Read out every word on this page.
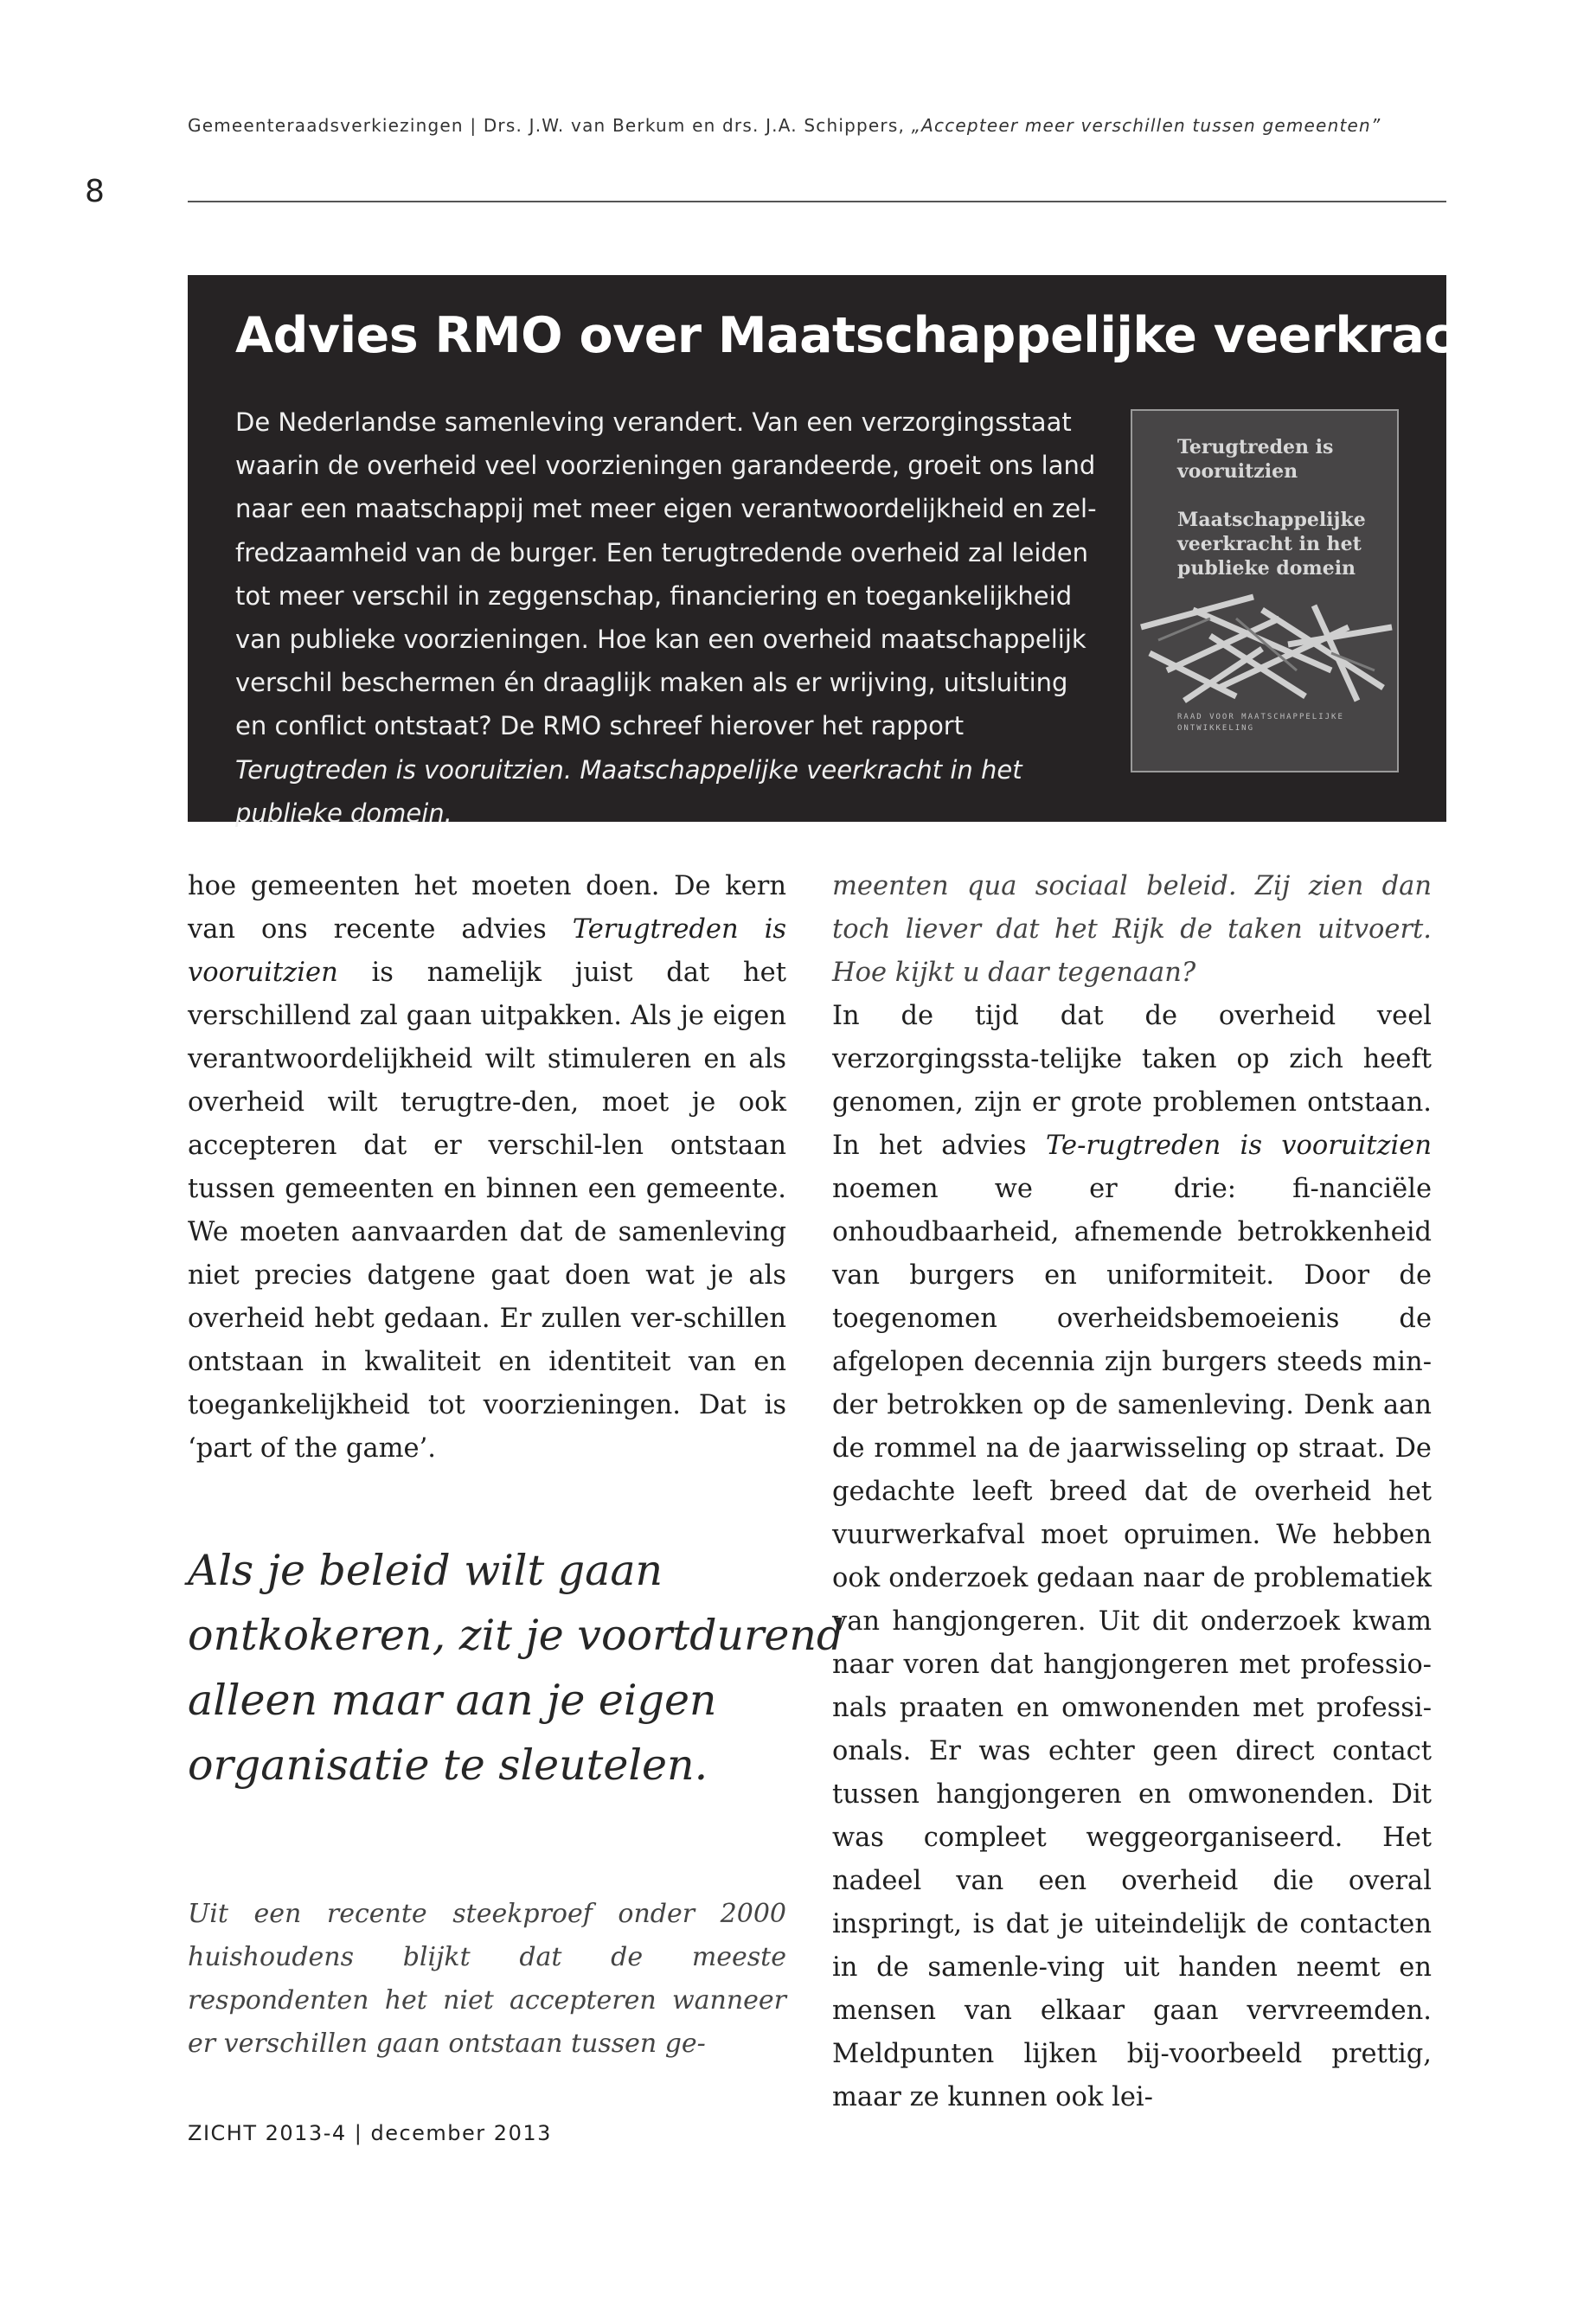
Gemeenteraadsverkiezingen | Drs. J.W. van Berkum en drs. J.A. Schippers, „Accepteer meer verschillen tussen gemeenten”
8
Advies RMO over Maatschappelijke veerkracht

De Nederlandse samenleving verandert. Van een verzorgingsstaat waarin de overheid veel voorzieningen garandeerde, groeit ons land naar een maatschappij met meer eigen verantwoordelijkheid en zel-fredzaamheid van de burger. Een terugtredende overheid zal leiden tot meer verschil in zeggenschap, financiering en toegankelijkheid van publieke voorzieningen. Hoe kan een overheid maatschappelijk verschil beschermen én draaglijk maken als er wrijving, uitsluiting en conflict ontstaat? De RMO schreef hierover het rapport Terugtreden is vooruitzien. Maatschappelijke veerkracht in het publieke domein.

Terugtreden is vooruitzien
Maatschappelijke veerkracht in het publieke domein
RAAD VOOR MAATSCHAPPELIJKE ONTWIKKELING

hoe gemeenten het moeten doen. De kern van ons recente advies Terugtreden is vooruitzien is namelijk juist dat het verschillend zal gaan uitpakken. Als je eigen verantwoordelijkheid wilt stimuleren en als overheid wilt terugtre-den, moet je ook accepteren dat er verschil-len ontstaan tussen gemeenten en binnen een gemeente. We moeten aanvaarden dat de samenleving niet precies datgene gaat doen wat je als overheid hebt gedaan. Er zullen ver-schillen ontstaan in kwaliteit en identiteit van en toegankelijkheid tot voorzieningen. Dat is ‘part of the game’.

Als je beleid wilt gaan
ontkokeren, zit je voortdurend
alleen maar aan je eigen
organisatie te sleutelen.

Uit een recente steekproef onder 2000 huishoudens blijkt dat de meeste respondenten het niet accepteren wanneer er verschillen gaan ontstaan tussen ge-

meenten qua sociaal beleid. Zij zien dan toch liever dat het Rijk de taken uitvoert. Hoe kijkt u daar tegenaan?
In de tijd dat de overheid veel verzorgingssta-telijke taken op zich heeft genomen, zijn er grote problemen ontstaan. In het advies Te-rugtreden is vooruitzien noemen we er drie: fi-nanciële onhoudbaarheid, afnemende betrokkenheid van burgers en uniformiteit. Door de toegenomen overheidsbemoeienis de afgelopen decennia zijn burgers steeds min-der betrokken op de samenleving. Denk aan de rommel na de jaarwisseling op straat. De gedachte leeft breed dat de overheid het vuurwerkafval moet opruimen. We hebben ook onderzoek gedaan naar de problematiek van hangjongeren. Uit dit onderzoek kwam naar voren dat hangjongeren met professio-nals praaten en omwonenden met professi-onals. Er was echter geen direct contact tussen hangjongeren en omwonenden. Dit was compleet weggeorganiseerd. Het nadeel van een overheid die overal inspringt, is dat je uiteindelijk de contacten in de samenle-ving uit handen neemt en mensen van elkaar gaan vervreemden. Meldpunten lijken bij-voorbeeld prettig, maar ze kunnen ook lei-
ZICHT 2013-4 | december 2013
